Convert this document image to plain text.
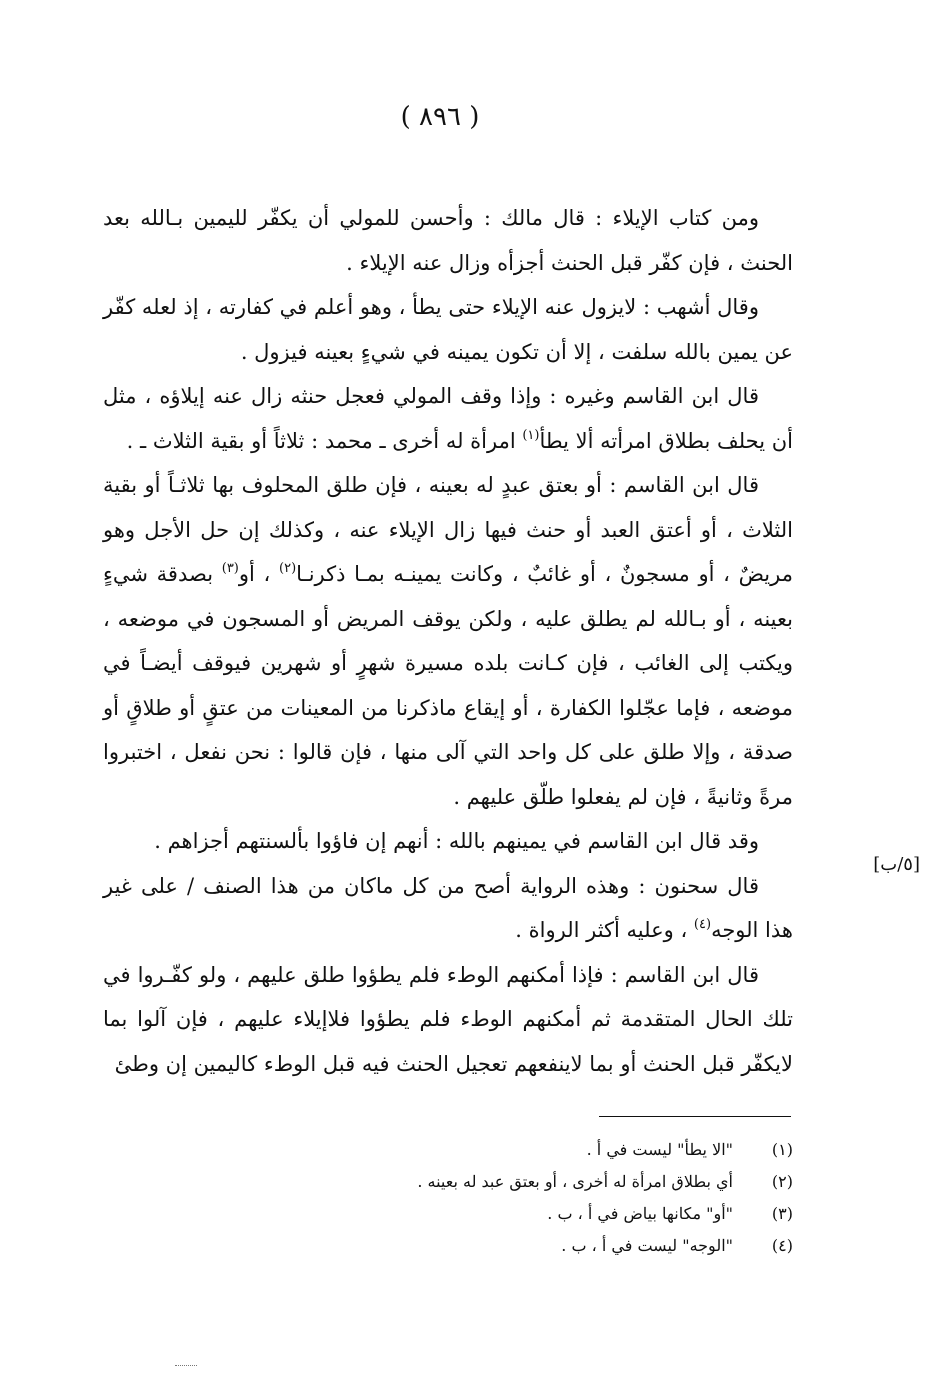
( ٨٩٦ )

ومن كتاب الإيلاء : قال مالك : وأحسن للمولي أن يكفّر لليمين بـالله بعد الحنث ، فإن كفّر قبل الحنث أجزأه وزال عنه الإيلاء .

وقال أشهب : لايزول عنه الإيلاء حتى يطأ ، وهو أعلم في كفارته ، إذ لعله كفّر عن يمين بالله سلفت ، إلا أن تكون يمينه في شيءٍ بعينه فيزول .

قال ابن القاسم وغيره : وإذا وقف المولي فعجل حنثه زال عنه إيلاؤه ، مثل أن يحلف بطلاق امرأته ألا يطأ$^{(١)}$ امرأة له أخرى ـ محمد : ثلاثاً أو بقية الثلاث ـ .

قال ابن القاسم : أو بعتق عبدٍ له بعينه ، فإن طلق المحلوف بها ثلاثـاً أو بقية الثلاث ، أو أعتق العبد أو حنث فيها زال الإيلاء عنه ، وكذلك إن حل الأجل وهو مريضٌ ، أو مسجونٌ ، أو غائبٌ ، وكانت يمينـه بمـا ذكرنـا$^{(٢)}$ ، أو$^{(٣)}$ بصدقة شيءٍ بعينه ، أو بـالله لم يطلق عليه ، ولكن يوقف المريض أو المسجون في موضعه ، ويكتب إلى الغائب ، فإن كـانت بلده مسيرة شهرٍ أو شهرين فيوقف أيضـاً في موضعه ، فإما عجّلوا الكفارة ، أو إيقاع ماذكرنا من المعينات من عتقٍ أو طلاقٍ أو صدقة ، وإلا طلق على كل واحد التي آلى منها ، فإن قالوا : نحن نفعل ، اختبروا مرةً وثانيةً ، فإن لم يفعلوا طلّق عليهم .

وقد قال ابن القاسم في يمينهم بالله : أنهم إن فاؤوا بألسنتهم أجزاهم .

قال سحنون : وهذه الرواية أصح من كل ماكان من هذا الصنف / على غير هذا الوجه$^{(٤)}$ ، وعليه أكثر الرواة .

قال ابن القاسم : فإذا أمكنهم الوطء فلم يطؤوا طلق عليهم ، ولو كفّـروا في تلك الحال المتقدمة ثم أمكنهم الوطء فلم يطؤوا فلاإيلاء عليهم ، فإن آلوا بما لايكفّر قبل الحنث أو بما لاينفعهم تعجيل الحنث فيه قبل الوطء كاليمين إن وطئ

[٥/ب]
(١)
"الا يطأ" ليست في أ .
(٢)
أي بطلاق امرأة له أخرى ، أو بعتق عبد له بعينه .
(٣)
"أو" مكانها بياض في أ ، ب .
(٤)
"الوجه" ليست في أ ، ب .
